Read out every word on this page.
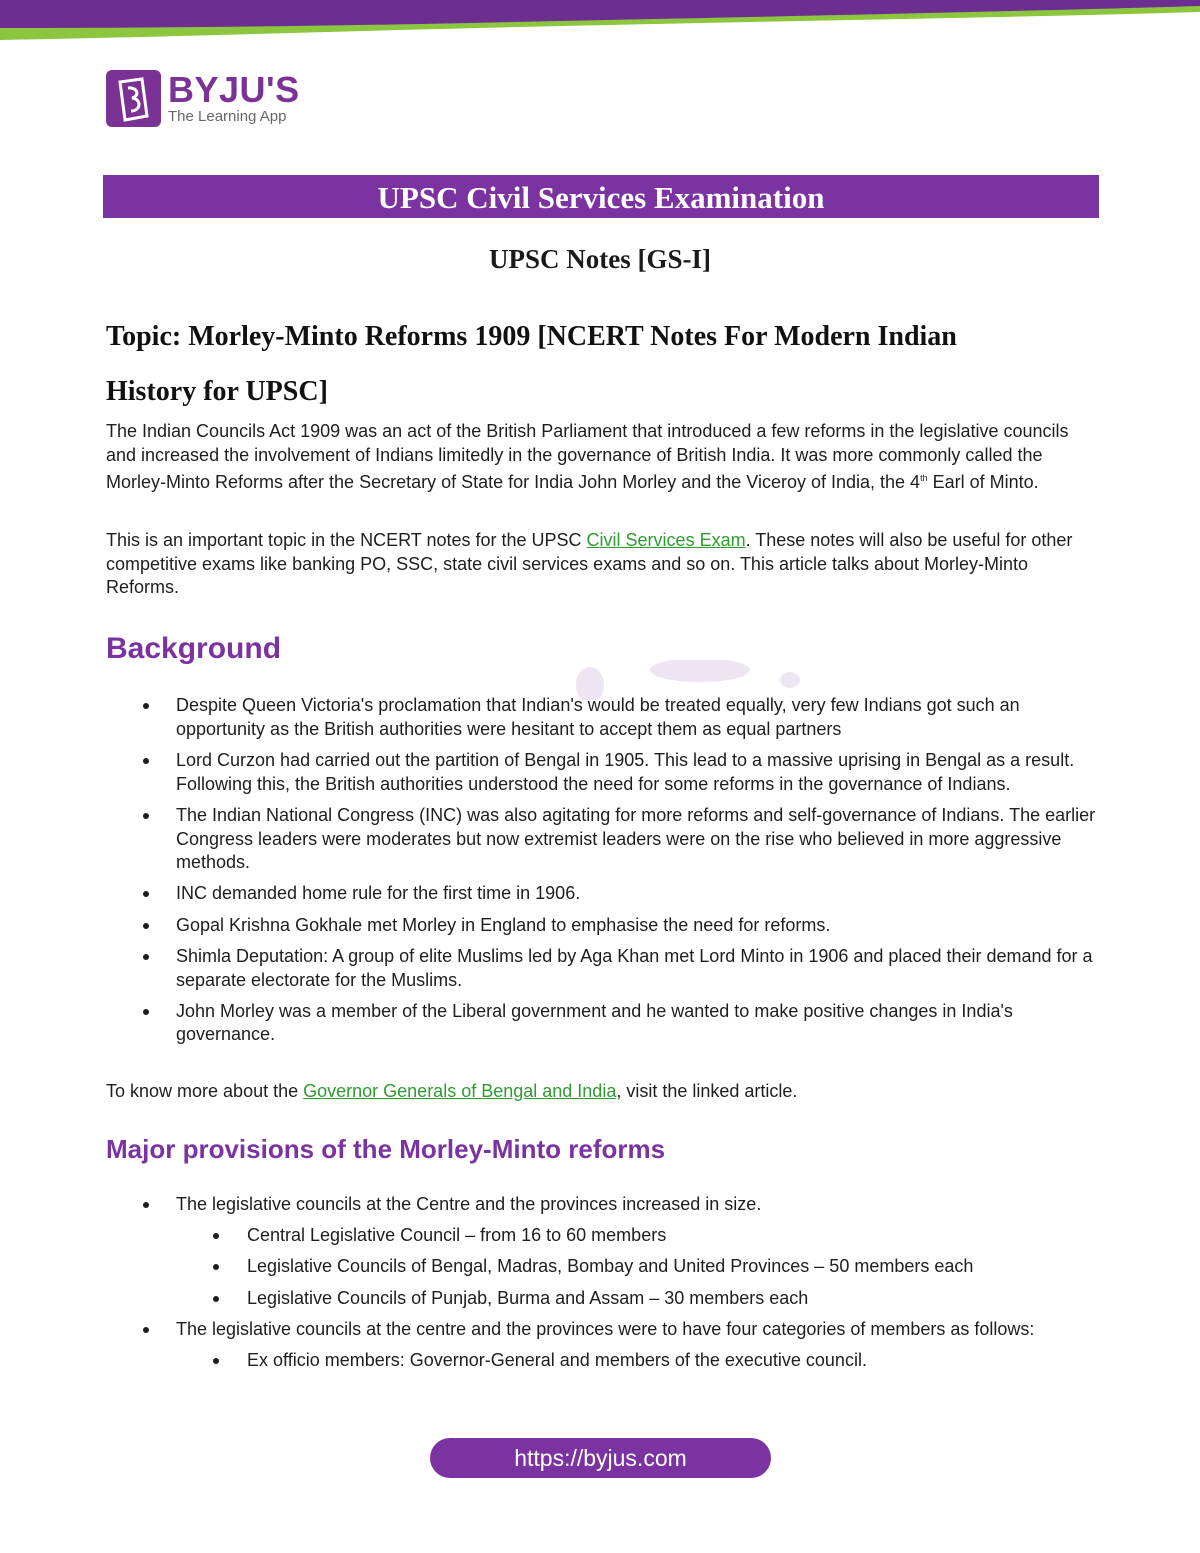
BYJU'S
The Learning App
UPSC Civil Services Examination
UPSC Notes [GS-I]
Topic: Morley-Minto Reforms 1909 [NCERT Notes For Modern Indian
History for UPSC]

The Indian Councils Act 1909 was an act of the British Parliament that introduced a few reforms in the legislative councils and increased the involvement of Indians limitedly in the governance of British India. It was more commonly called the Morley-Minto Reforms after the Secretary of State for India John Morley and the Viceroy of India, the 4th Earl of Minto.

This is an important topic in the NCERT notes for the UPSC Civil Services Exam. These notes will also be useful for other competitive exams like banking PO, SSC, state civil services exams and so on. This article talks about Morley-Minto Reforms.

Background
Despite Queen Victoria's proclamation that Indian's would be treated equally, very few Indians got such an opportunity as the British authorities were hesitant to accept them as equal partners
Lord Curzon had carried out the partition of Bengal in 1905. This lead to a massive uprising in Bengal as a result. Following this, the British authorities understood the need for some reforms in the governance of Indians.
The Indian National Congress (INC) was also agitating for more reforms and self-governance of Indians. The earlier Congress leaders were moderates but now extremist leaders were on the rise who believed in more aggressive methods.
INC demanded home rule for the first time in 1906.
Gopal Krishna Gokhale met Morley in England to emphasise the need for reforms.
Shimla Deputation: A group of elite Muslims led by Aga Khan met Lord Minto in 1906 and placed their demand for a separate electorate for the Muslims.
John Morley was a member of the Liberal government and he wanted to make positive changes in India's governance.

To know more about the Governor Generals of Bengal and India, visit the linked article.

Major provisions of the Morley-Minto reforms
The legislative councils at the Centre and the provinces increased in size.
Central Legislative Council – from 16 to 60 members
Legislative Councils of Bengal, Madras, Bombay and United Provinces – 50 members each
Legislative Councils of Punjab, Burma and Assam – 30 members each
The legislative councils at the centre and the provinces were to have four categories of members as follows:
Ex officio members: Governor-General and members of the executive council.
https://byjus.com
